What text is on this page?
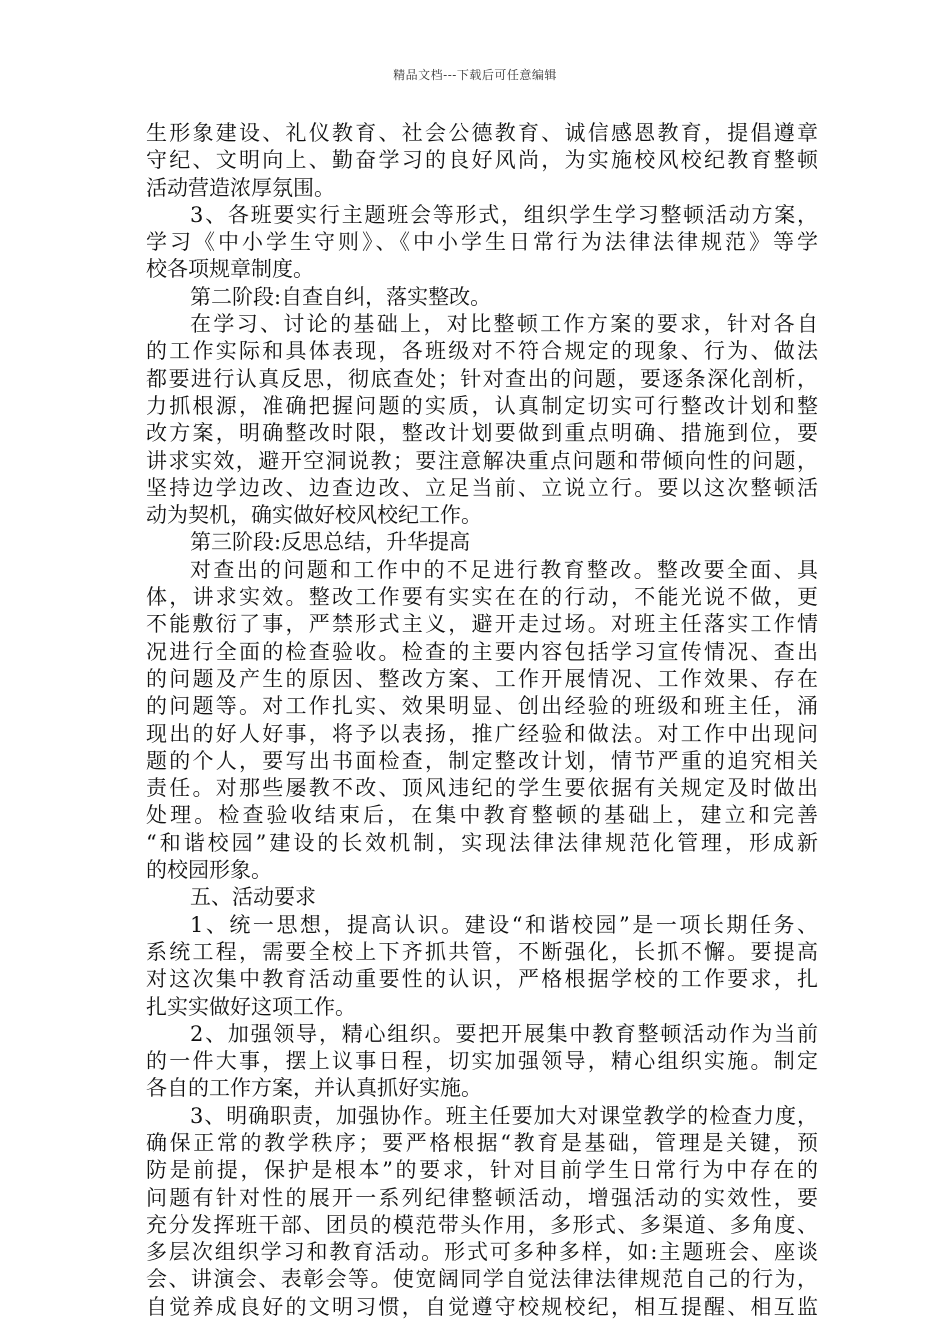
精品文档---下载后可任意编辑
生形象建设、礼仪教育、社会公德教育、诚信感恩教育，提倡遵章
守纪、文明向上、勤奋学习的良好风尚，为实施校风校纪教育整顿
活动营造浓厚氛围。
3、各班要实行主题班会等形式，组织学生学习整顿活动方案，
学习《中小学生守则》、《中小学生日常行为法律法律规范》等学
校各项规章制度。
第二阶段:自查自纠，落实整改。
在学习、讨论的基础上，对比整顿工作方案的要求，针对各自
的工作实际和具体表现，各班级对不符合规定的现象、行为、做法
都要进行认真反思，彻底查处；针对查出的问题，要逐条深化剖析，
力抓根源，准确把握问题的实质，认真制定切实可行整改计划和整
改方案，明确整改时限，整改计划要做到重点明确、措施到位，要
讲求实效，避开空洞说教；要注意解决重点问题和带倾向性的问题，
坚持边学边改、边查边改、立足当前、立说立行。要以这次整顿活
动为契机，确实做好校风校纪工作。
第三阶段:反思总结，升华提高
对查出的问题和工作中的不足进行教育整改。整改要全面、具
体，讲求实效。整改工作要有实实在在的行动，不能光说不做，更
不能敷衍了事，严禁形式主义，避开走过场。对班主任落实工作情
况进行全面的检查验收。检查的主要内容包括学习宣传情况、查出
的问题及产生的原因、整改方案、工作开展情况、工作效果、存在
的问题等。对工作扎实、效果明显、创出经验的班级和班主任，涌
现出的好人好事，将予以表扬，推广经验和做法。对工作中出现问
题的个人，要写出书面检查，制定整改计划，情节严重的追究相关
责任。对那些屡教不改、顶风违纪的学生要依据有关规定及时做出
处理。检查验收结束后，在集中教育整顿的基础上，建立和完善
“和谐校园”建设的长效机制，实现法律法律规范化管理，形成新
的校园形象。
五、活动要求
1、统一思想，提高认识。建设“和谐校园”是一项长期任务、
系统工程，需要全校上下齐抓共管，不断强化，长抓不懈。要提高
对这次集中教育活动重要性的认识，严格根据学校的工作要求，扎
扎实实做好这项工作。
2、加强领导，精心组织。要把开展集中教育整顿活动作为当前
的一件大事，摆上议事日程，切实加强领导，精心组织实施。制定
各自的工作方案，并认真抓好实施。
3、明确职责，加强协作。班主任要加大对课堂教学的检查力度，
确保正常的教学秩序；要严格根据“教育是基础，管理是关键，预
防是前提，保护是根本”的要求，针对目前学生日常行为中存在的
问题有针对性的展开一系列纪律整顿活动，增强活动的实效性，要
充分发挥班干部、团员的模范带头作用，多形式、多渠道、多角度、
多层次组织学习和教育活动。形式可多种多样，如:主题班会、座谈
会、讲演会、表彰会等。使宽阔同学自觉法律法律规范自己的行为，
自觉养成良好的文明习惯，自觉遵守校规校纪，相互提醒、相互监
